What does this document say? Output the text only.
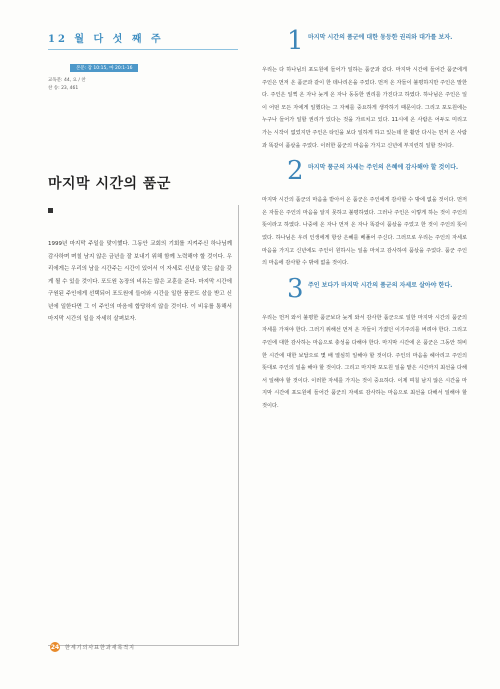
12 월 다 섯 째 주
본문: 잠 10:15, 마 20:1-16
교독문: 44, 요 / 찬
찬 송: 23, 461
마지막 시간의 품군
1999년 마지막 주일을 맞이했다. 그동안 교회의 기회를 지켜주신 하나님께 감사하며 며칠 남지 않은 금년을 잘 보내기 위해 함께 노력해야 할 것이다. 우리에게는 우리의 남을 시간주는 시간이 있어서 이 자세로 신년을 맞는 삶을 갖게 될 수 있을 것이다. 포도원 농장의 비유는 많은 교훈을 준다. 마지막 시간에 구원된 주인에게 선택되어 포도원에 들어와 시간을 일한 품꾼도 삯을 받고 신년에 일한다면 그 이 주인의 마음에 합당하지 않을 것이다. 이 비유를 통해서 마지막 시간의 일을 자세히 살펴보자.
1 마지막 시간의 품군에 대한 동등한 권리와 대가를 보자.
우리는 다 하나님의 포도원에 들어가 일하는 품군과 같다. 마지막 시간에 들어간 품군에게 주인은 먼저 온 품군과 같이 한 데나리온을 주었다. 먼저 온 자들이 불평하지만 주인은 말한다. 주인은 일찍 온 자나 늦게 온 자나 동등한 권리를 가진다고 하였다. 하나님은 주인은 일이 어떤 모든 자에게 일했다는 그 자체를 중요하게 생각하기 때문이다. 그리고 포도원에는 누구나 들어가 일할 권리가 있다는 것을 가르치고 있다. 11시에 온 사람은 어두도 미리고 가는 시작이 없었지만 주인은 타인을 보다 일하게 하고 있는데 한 활만 다시는 먼저 온 사람과 똑같이 품삯을 주었다. 이러한 품군의 마음을 가지고 신년에 부지런히 일할 것이다.
2 마지막 품군의 자세는 주인의 은혜에 감사해야 할 것이다.
마지막 시간의 품군의 마음을 받아서 온 품군은 주인에게 감사할 수 밖에 없을 것이다. 먼저 온 자들은 주인의 마음을 알지 못하고 불평하였다. 그러나 주인은 이렇게 하는 것이 주인의 뜻이라고 하였다. 나중에 온 자나 먼저 온 자나 똑같이 품삯을 주었고 한 것이 주인의 뜻이었다. 하나님은 우리 인생에게 항상 은혜를 베풀어 주신다. 그러므로 우리는 주인의 자세로 마음을 가지고 신년에도 주인이 원하시는 일을 마치고 감사하여 품삯을 주었다. 품군 주인의 마음에 감사할 수 밖에 없을 것이다.
3 주인 보다가 마지막 시간의 품군의 자세로 살아야 한다.
우리는 먼저 와서 불평한 품군보다 늦게 와서 감사한 품군으로 일한 마지막 시간의 품군의 자세를 가져야 한다. 그러기 위해선 먼저 온 자들이 가졌던 이기주의를 버려야 한다. 그리고 주인에 대한 감사하는 마음으로 충성을 다해야 한다. 마지막 시간에 온 품군은 그동안 허비한 시간에 대한 보답으로 몇 배 열심히 일해야 할 것이다. 주인의 마음을 헤아리고 주인의 뜻대로 주인의 일을 해야 할 것이다. 그리고 마지막 포도원 일을 맡은 시간까지 최선을 다해서 일해야 할 것이다. 이러한 자세를 가지는 것이 중요하다. 이제 며칠 남지 않은 시간을 마지막 시간에 포도원에 들어간 품군의 자세로 감사하는 마음으로 최선을 다해서 일해야 할 것이다.
24 한세기의사표한과새목적지
